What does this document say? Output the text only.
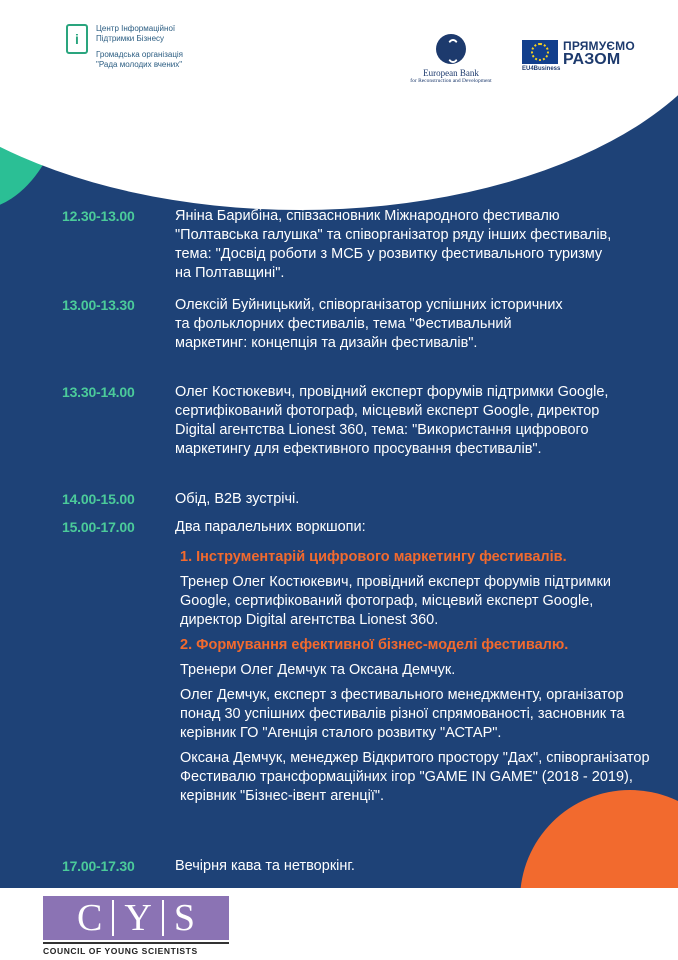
i
Центр Інформаційної
Підтримки Бізнесу
Громадська організація
"Рада молодих вчених"
European Bank
for Reconstruction and Development
EU4Business
ПРЯМУЄМО
РАЗОМ
12.30-13.00	Яніна Барибіна, співзасновник Міжнародного фестивалю "Полтавська галушка" та співорганізатор ряду інших фестивалів, тема: "Досвід роботи з МСБ у розвитку фестивального туризму на Полтавщині".
13.00-13.30	Олексій Буйницький, співорганізатор успішних історичних та фольклорних фестивалів, тема "Фестивальний маркетинг: концепція та дизайн фестивалів".
13.30-14.00	Олег Костюкевич, провідний експерт форумів підтримки Google, сертифікований фотограф, місцевий експерт Google, директор Digital агентства Lionest 360, тема: "Використання цифрового маркетингу для ефективного просування фестивалів".
14.00-15.00	Обід, В2В зустрічі.
15.00-17.00	Два паралельних воркшопи:
1. Інструментарій цифрового маркетингу фестивалів.
Тренер Олег Костюкевич, провідний експерт форумів підтримки Google, сертифікований фотограф, місцевий експерт Google, директор Digital агентства Lionest 360.
2. Формування ефективної бізнес-моделі фестивалю.
Тренери Олег Демчук та Оксана Демчук.
Олег Демчук, експерт з фестивального менеджменту, організатор понад 30 успішних фестивалів різної спрямованості, засновник та керівник ГО "Агенція сталого розвитку "АСТАР".
Оксана Демчук, менеджер Відкритого простору "Дах", співорганізатор Фестивалю трансформаційних ігор "GAME IN GAME" (2018 - 2019), керівник "Бізнес-івент агенції".
17.00-17.30	Вечірня кава та нетворкінг.
C Y S
COUNCIL OF YOUNG SCIENTISTS
